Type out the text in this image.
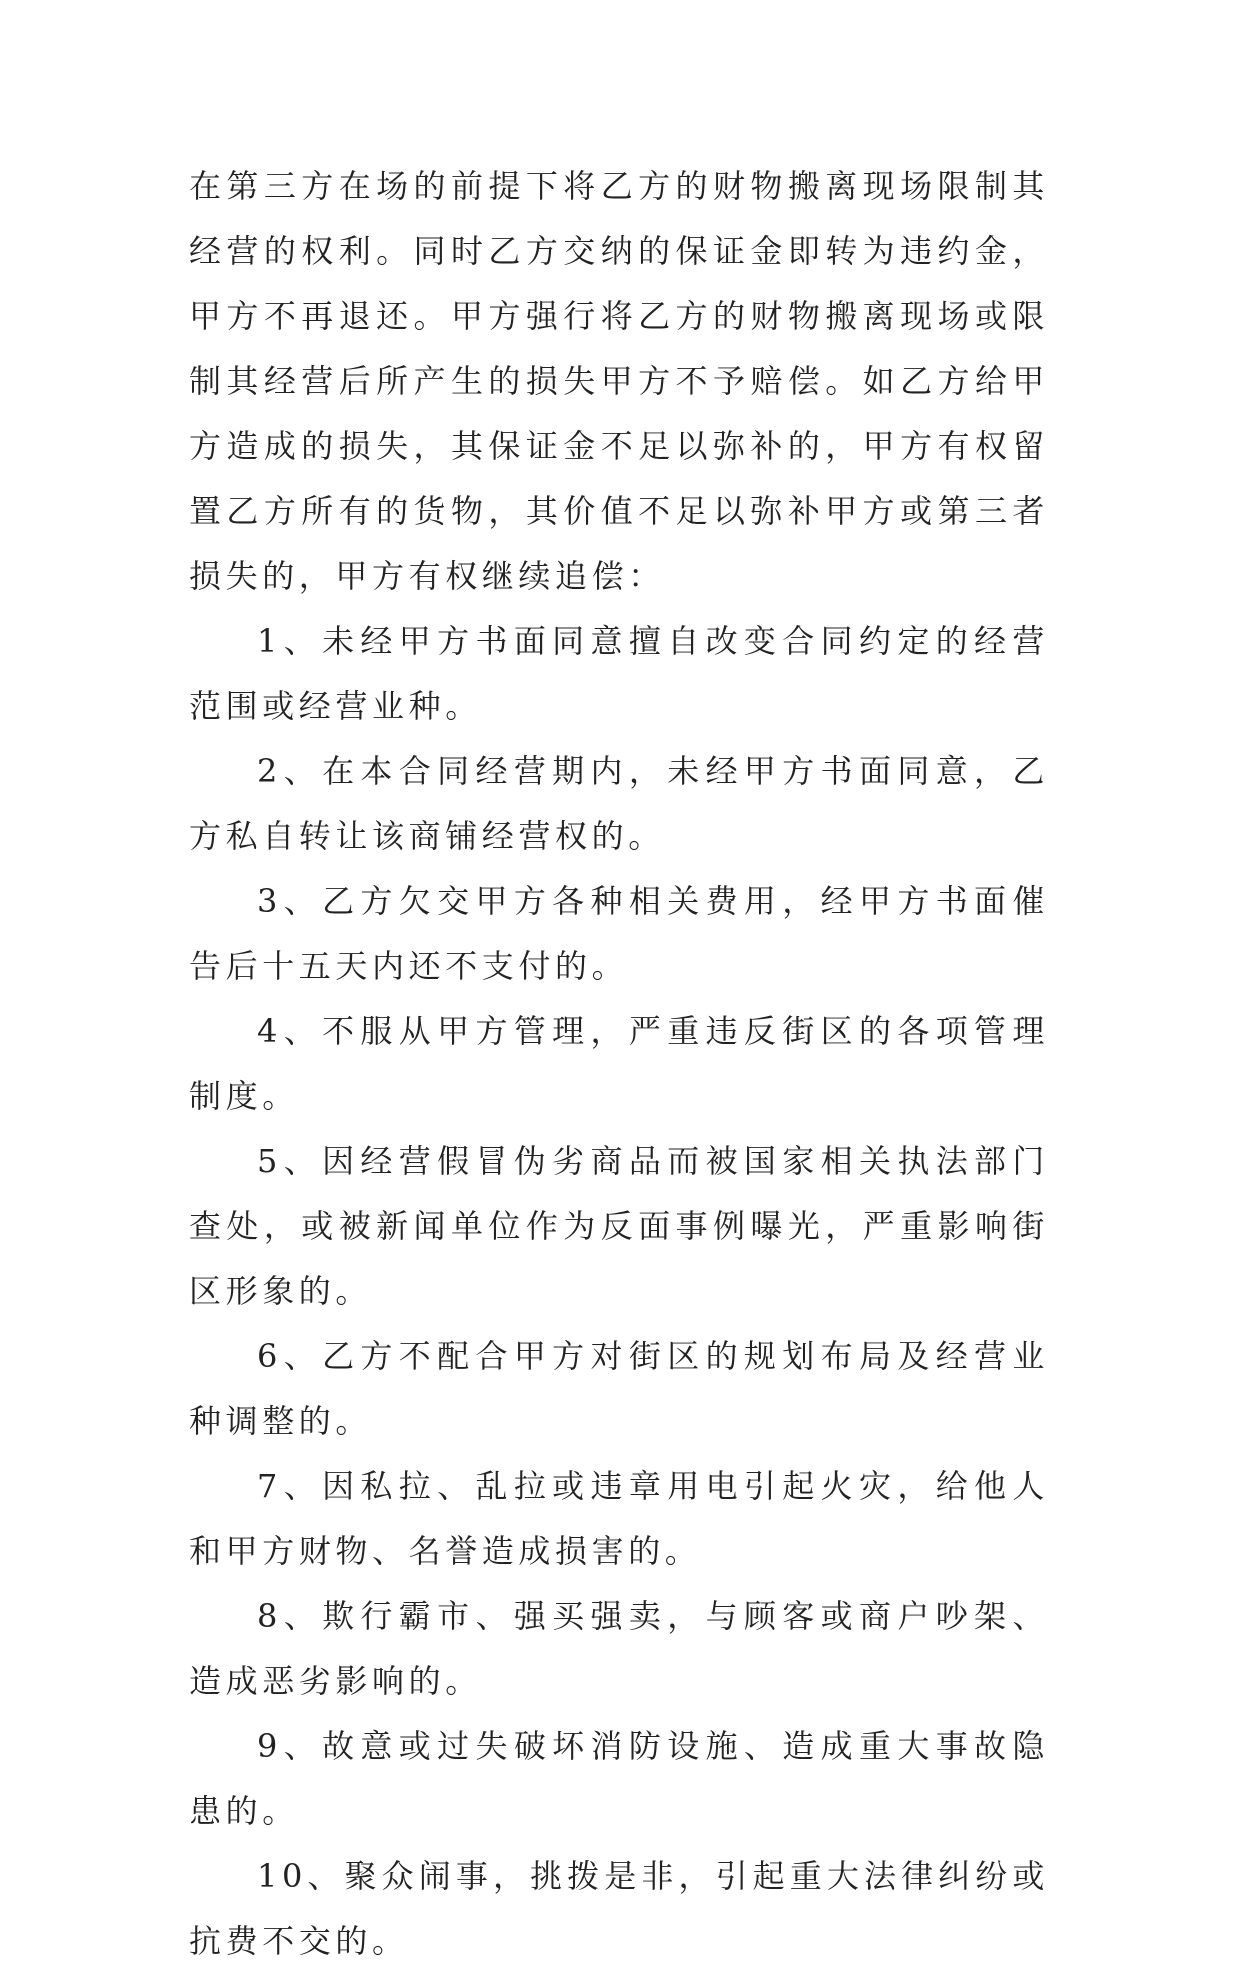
在第三方在场的前提下将乙方的财物搬离现场限制其经营的权利。同时乙方交纳的保证金即转为违约金，甲方不再退还。甲方强行将乙方的财物搬离现场或限制其经营后所产生的损失甲方不予赔偿。如乙方给甲方造成的损失，其保证金不足以弥补的，甲方有权留置乙方所有的货物，其价值不足以弥补甲方或第三者损失的，甲方有权继续追偿：

1、未经甲方书面同意擅自改变合同约定的经营范围或经营业种。

2、在本合同经营期内，未经甲方书面同意，乙方私自转让该商铺经营权的。

3、乙方欠交甲方各种相关费用，经甲方书面催告后十五天内还不支付的。

4、不服从甲方管理，严重违反街区的各项管理制度。

5、因经营假冒伪劣商品而被国家相关执法部门查处，或被新闻单位作为反面事例曝光，严重影响街区形象的。

6、乙方不配合甲方对街区的规划布局及经营业种调整的。

7、因私拉、乱拉或违章用电引起火灾，给他人和甲方财物、名誉造成损害的。

8、欺行霸市、强买强卖，与顾客或商户吵架、造成恶劣影响的。

9、故意或过失破坏消防设施、造成重大事故隐患的。

10、聚众闹事，挑拨是非，引起重大法律纠纷或抗费不交的。
